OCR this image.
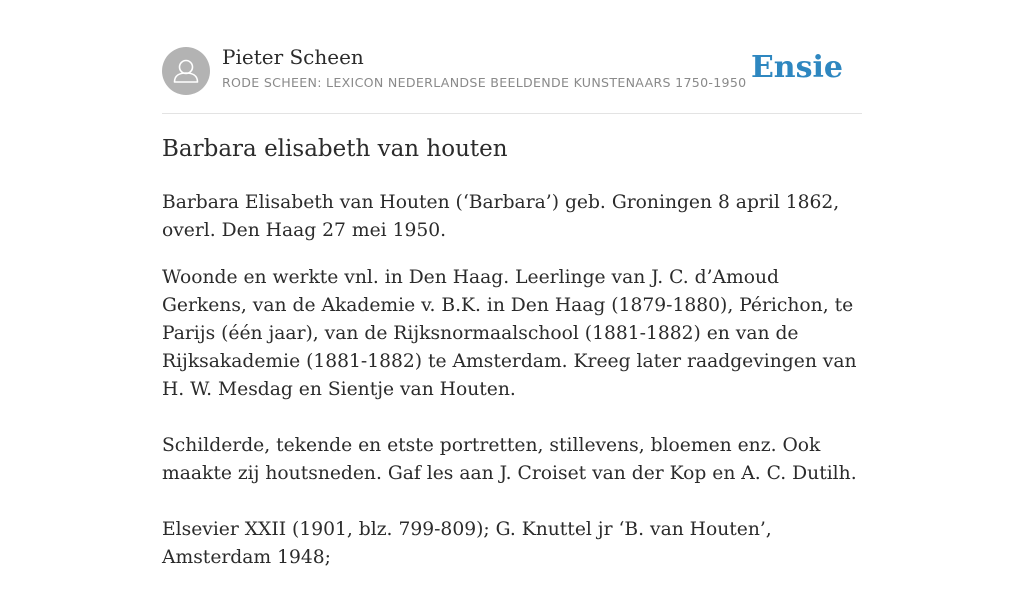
Pieter Scheen
RODE SCHEEN: LEXICON NEDERLANDSE BEELDENDE KUNSTENAARS 1750-1950 Ensie
Barbara elisabeth van houten

Barbara Elisabeth van Houten (‘Barbara’) geb. Groningen 8 april 1862, overl. Den Haag 27 mei 1950.

Woonde en werkte vnl. in Den Haag. Leerlinge van J. C. d’Amoud Gerkens, van de Akademie v. B.K. in Den Haag (1879-1880), Périchon, te Parijs (één jaar), van de Rijksnormaalschool (1881-1882) en van de Rijksakademie (1881-1882) te Amsterdam. Kreeg later raadgevingen van H. W. Mesdag en Sientje van Houten.

Schilderde, tekende en etste portretten, stillevens, bloemen enz. Ook maakte zij houtsneden. Gaf les aan J. Croiset van der Kop en A. C. Dutilh.

Elsevier XXII (1901, blz. 799-809); G. Knuttel jr ‘B. van Houten’, Amsterdam 1948;
